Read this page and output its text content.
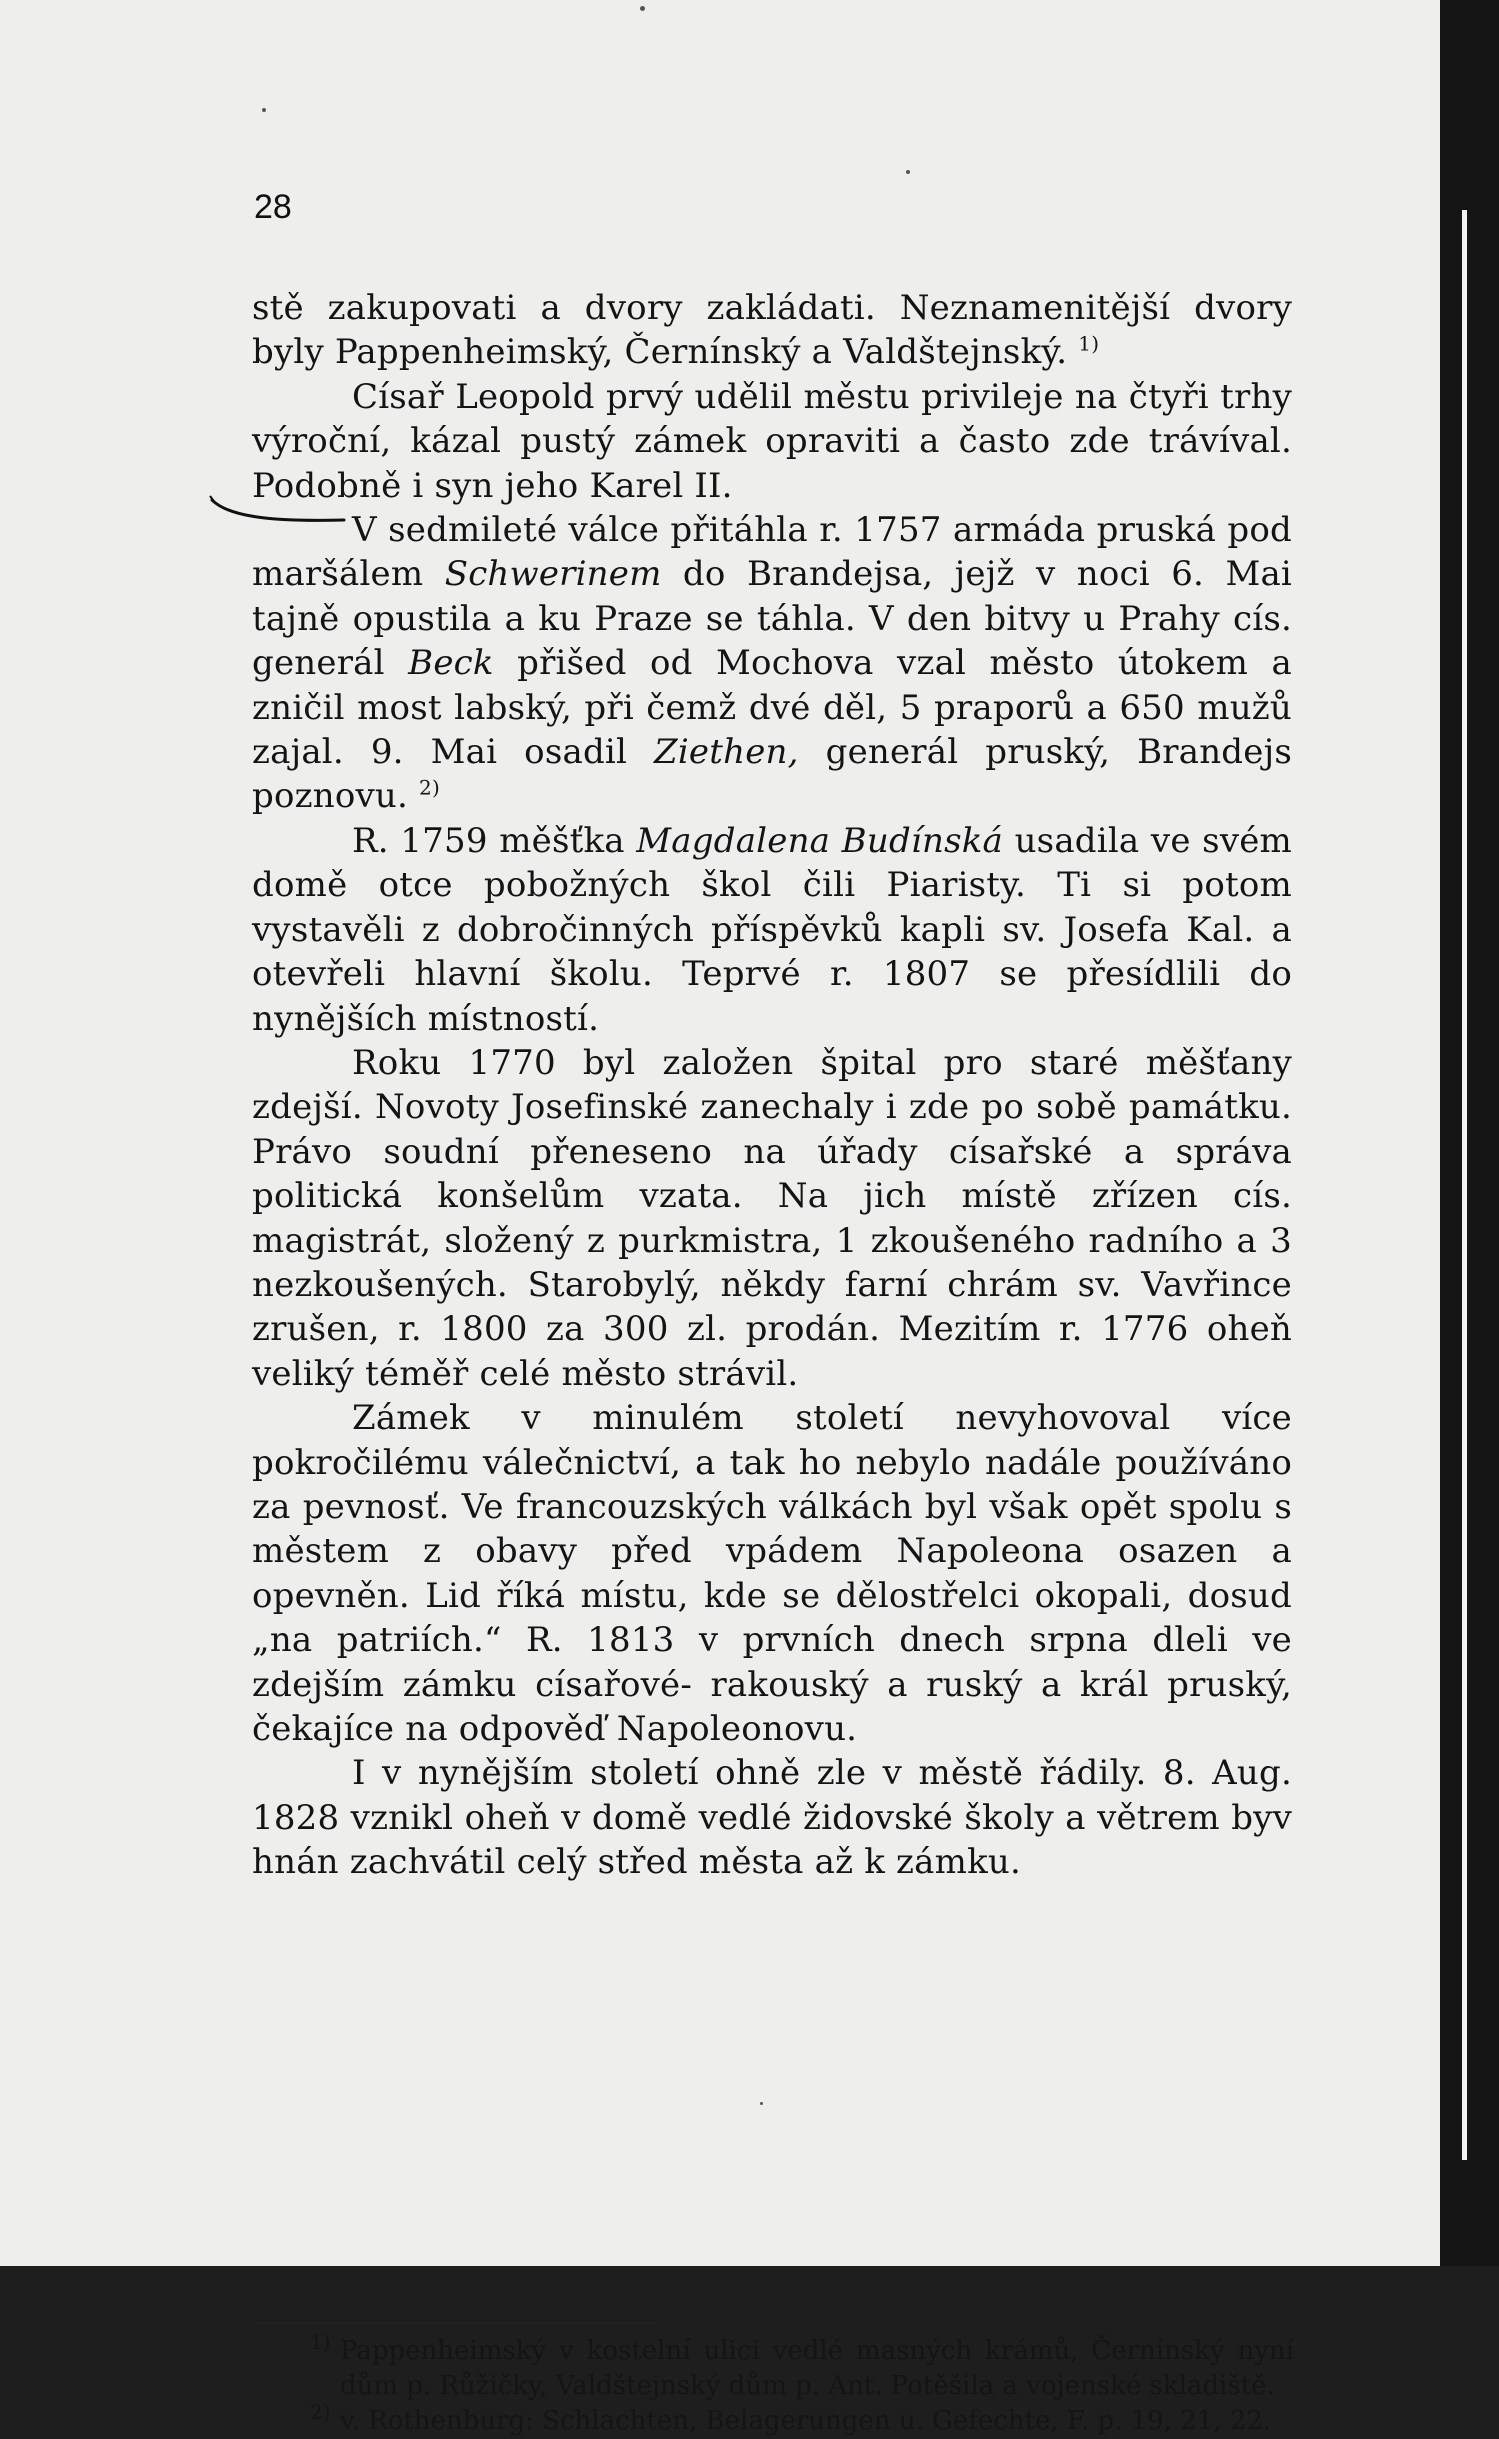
28

stě zakupovati a dvory zakládati. Neznamenitější dvory byly Pappenheimský, Černínský a Valdštejnský. $^{1)}$

Císař Leopold prvý udělil městu privileje na čtyři trhy výroční, kázal pustý zámek opraviti a často zde trávíval. Podobně i syn jeho Karel II.

V sedmileté válce přitáhla r. 1757 armáda pruská pod maršálem Schwerinem do Brandejsa, jejž v noci 6. Mai tajně opustila a ku Praze se táhla. V den bitvy u Prahy cís. generál Beck přišed od Mochova vzal město útokem a zničil most labský, při čemž dvé děl, 5 praporů a 650 mužů zajal. 9. Mai osadil Ziethen, generál pruský, Brandejs poznovu. $^{2)}$

R. 1759 měšťka Magdalena Budínská usadila ve svém domě otce pobožných škol čili Piaristy. Ti si potom vystavěli z dobročinných příspěvků kapli sv. Josefa Kal. a otevřeli hlavní školu. Teprvé r. 1807 se přesídlili do nynějších místností.

Roku 1770 byl založen špital pro staré měšťany zdejší. Novoty Josefinské zanechaly i zde po sobě památku. Právo soudní přeneseno na úřady císařské a správa politická konšelům vzata. Na jich místě zřízen cís. magistrát, složený z purkmistra, 1 zkoušeného radního a 3 nezkoušených. Starobylý, někdy farní chrám sv. Vavřince zrušen, r. 1800 za 300 zl. prodán. Mezitím r. 1776 oheň veliký téměř celé město strávil.

Zámek v minulém století nevyhovoval více pokročilému válečnictví, a tak ho nebylo nadále používáno za pevnosť. Ve francouzských válkách byl však opět spolu s městem z obavy před vpádem Napoleona osazen a opevněn. Lid říká místu, kde se dělostřelci okopali, dosud „na patriích.“ R. 1813 v prvních dnech srpna dleli ve zdejším zámku císařové- rakouský a ruský a král pruský, čekajíce na odpověď Napoleonovu.

I v nynějším století ohně zle v městě řádily. 8. Aug. 1828 vznikl oheň v domě vedlé židovské školy a větrem byv hnán zachvátil celý střed města až k zámku.

1) Pappenheimský v kostelní ulici vedlé masných krámů, Černínský nyní dům p. Růžičky, Valdštejnský dům p. Ant. Potěšila a vojenské skladiště.

2) v. Rothenburg: Schlachten, Belagerungen u. Gefechte, F. p. 19, 21, 22.
